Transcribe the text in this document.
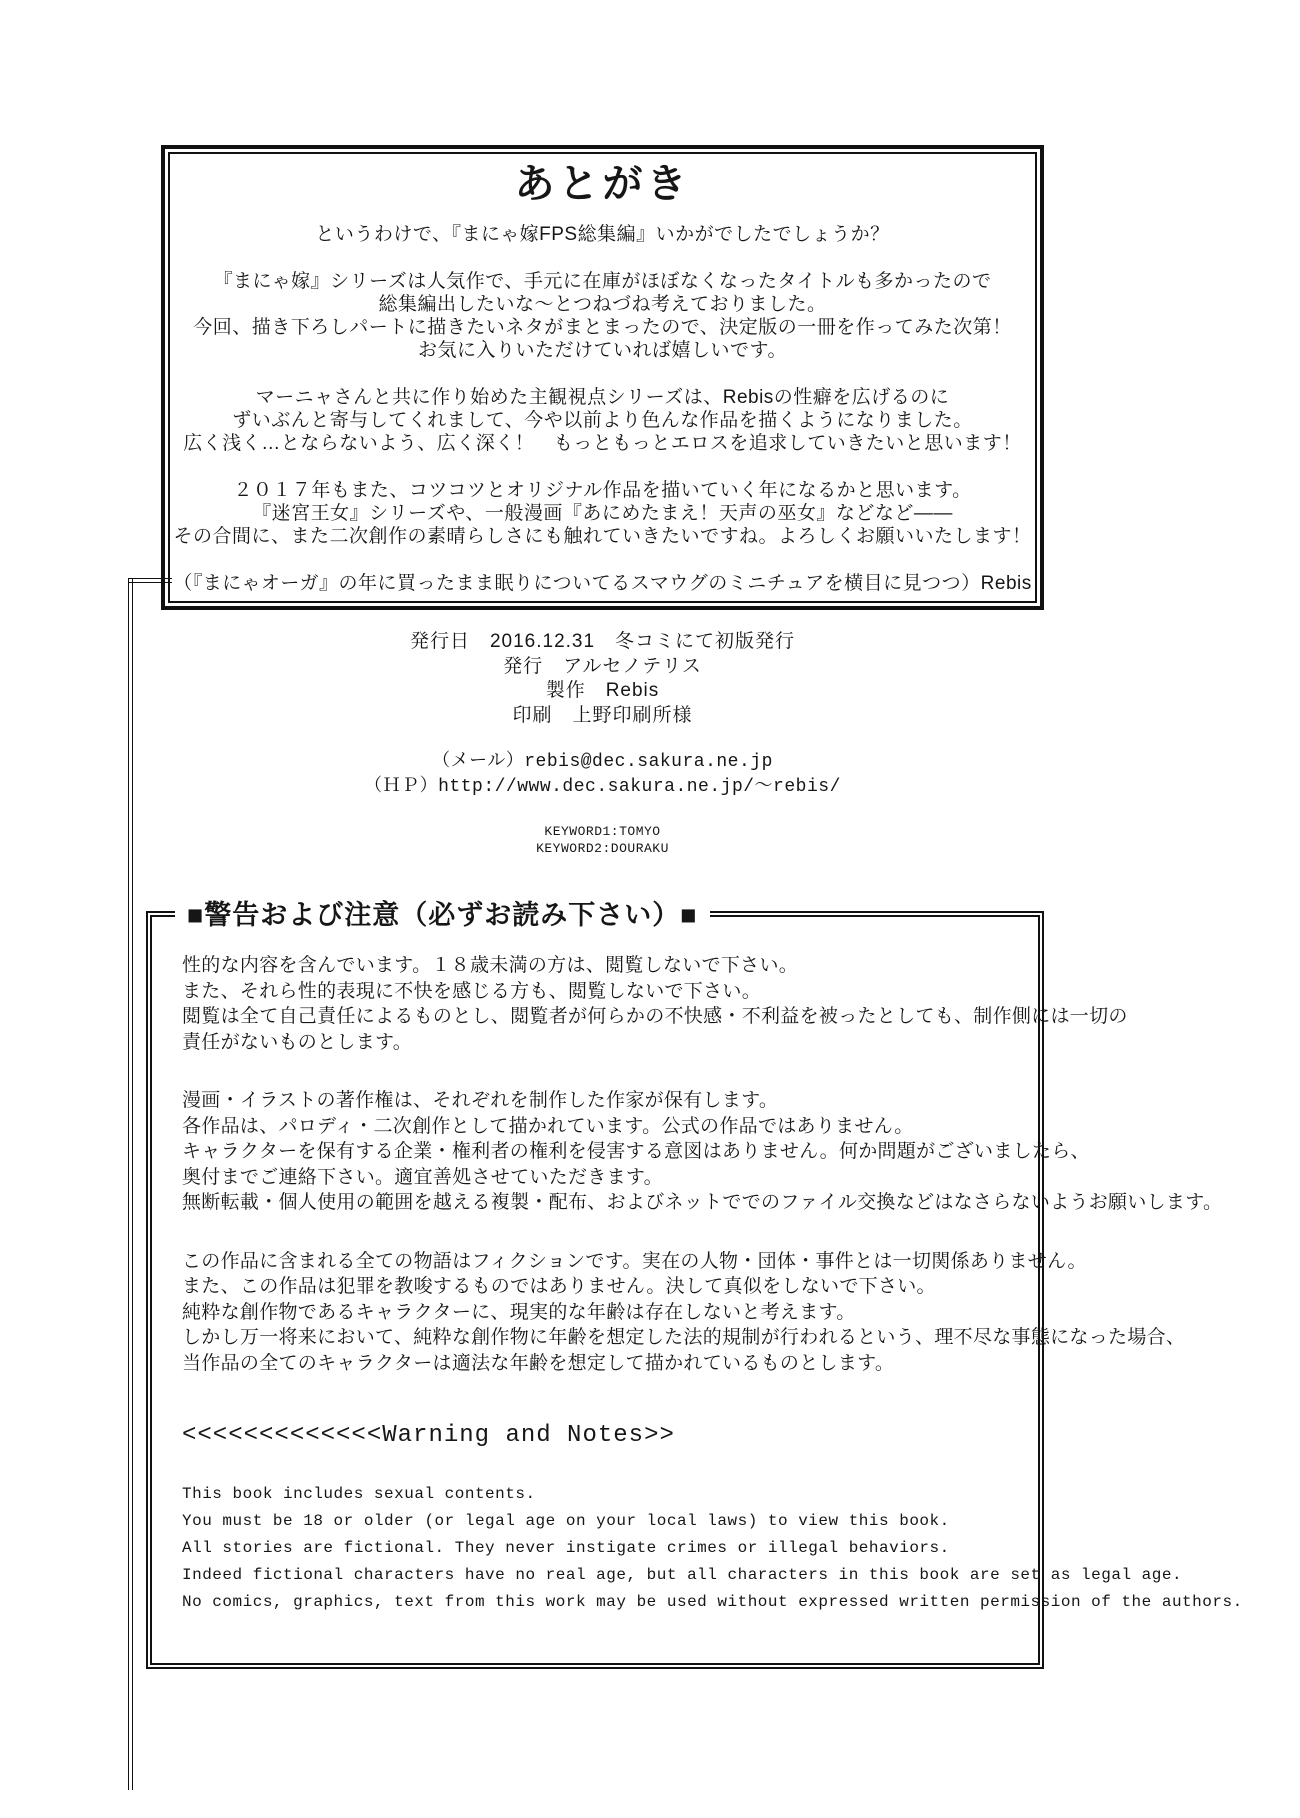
あとがき

というわけで、『まにゃ嫁FPS総集編』いかがでしたでしょうか？

『まにゃ嫁』シリーズは人気作で、手元に在庫がほぼなくなったタイトルも多かったので
総集編出したいな～とつねづね考えておりました。
今回、描き下ろしパートに描きたいネタがまとまったので、決定版の一冊を作ってみた次第！
お気に入りいただけていれば嬉しいです。

マーニャさんと共に作り始めた主観視点シリーズは、Rebisの性癖を広げるのに
ずいぶんと寄与してくれまして、今や以前より色んな作品を描くようになりました。
広く浅く…とならないよう、広く深く！　もっともっとエロスを追求していきたいと思います！

２０１７年もまた、コツコツとオリジナル作品を描いていく年になるかと思います。
『迷宮王女』シリーズや、一般漫画『あにめたまえ！天声の巫女』などなど――
その合間に、また二次創作の素晴らしさにも触れていきたいですね。よろしくお願いいたします！

（『まにゃオーガ』の年に買ったまま眠りについてるスマウグのミニチュアを横目に見つつ）Rebis

発行日　2016.12.31　冬コミにて初版発行
発行　アルセノテリス
製作　Rebis
印刷　上野印刷所様
（メール）rebis@dec.sakura.ne.jp
（ＨＰ）http://www.dec.sakura.ne.jp/～rebis/
KEYWORD1:TOMYO
KEYWORD2:DOURAKU
■警告および注意（必ずお読み下さい）■
性的な内容を含んでいます。１８歳未満の方は、閲覧しないで下さい。
また、それら性的表現に不快を感じる方も、閲覧しないで下さい。
閲覧は全て自己責任によるものとし、閲覧者が何らかの不快感・不利益を被ったとしても、制作側には一切の
責任がないものとします。
漫画・イラストの著作権は、それぞれを制作した作家が保有します。
各作品は、パロディ・二次創作として描かれています。公式の作品ではありません。
キャラクターを保有する企業・権利者の権利を侵害する意図はありません。何か問題がございましたら、
奥付までご連絡下さい。適宜善処させていただきます。
無断転載・個人使用の範囲を越える複製・配布、およびネットででのファイル交換などはなさらないようお願いします。
この作品に含まれる全ての物語はフィクションです。実在の人物・団体・事件とは一切関係ありません。
また、この作品は犯罪を教唆するものではありません。決して真似をしないで下さい。
純粋な創作物であるキャラクターに、現実的な年齢は存在しないと考えます。
しかし万一将来において、純粋な創作物に年齢を想定した法的規制が行われるという、理不尽な事態になった場合、
当作品の全てのキャラクターは適法な年齢を想定して描かれているものとします。
<<<<<<<<<<<<<Warning and Notes>>
This book includes sexual contents.
You must be 18 or older (or legal age on your local laws) to view this book.
All stories are fictional. They never instigate crimes or illegal behaviors.
Indeed fictional characters have no real age, but all characters in this book are set as legal age.
No comics, graphics, text from this work may be used without expressed written permission of the authors.
